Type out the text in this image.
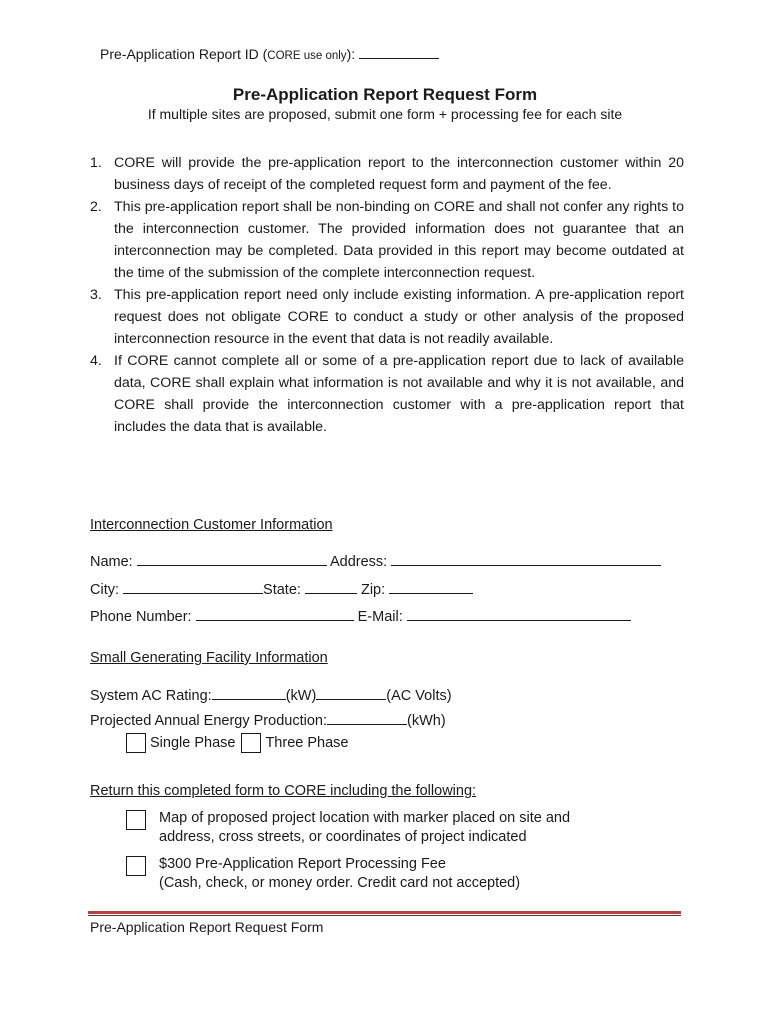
Pre-Application Report ID (CORE use only):
Pre-Application Report Request Form
If multiple sites are proposed, submit one form + processing fee for each site
1. CORE will provide the pre-application report to the interconnection customer within 20 business days of receipt of the completed request form and payment of the fee.
2. This pre-application report shall be non-binding on CORE and shall not confer any rights to the interconnection customer. The provided information does not guarantee that an interconnection may be completed. Data provided in this report may become outdated at the time of the submission of the complete interconnection request.
3. This pre-application report need only include existing information. A pre-application report request does not obligate CORE to conduct a study or other analysis of the proposed interconnection resource in the event that data is not readily available.
4. If CORE cannot complete all or some of a pre-application report due to lack of available data, CORE shall explain what information is not available and why it is not available, and CORE shall provide the interconnection customer with a pre-application report that includes the data that is available.
Interconnection Customer Information
Name:	Address:
City:	State:	Zip:
Phone Number:	E-Mail:
Small Generating Facility Information
System AC Rating:	(kW)	(AC Volts)
Projected Annual Energy Production:	(kWh)
Single Phase Three Phase
Return this completed form to CORE including the following:
Map of proposed project location with marker placed on site and
address, cross streets, or coordinates of project indicated
$300 Pre-Application Report Processing Fee
(Cash, check, or money order. Credit card not accepted)
Pre-Application Report Request Form
